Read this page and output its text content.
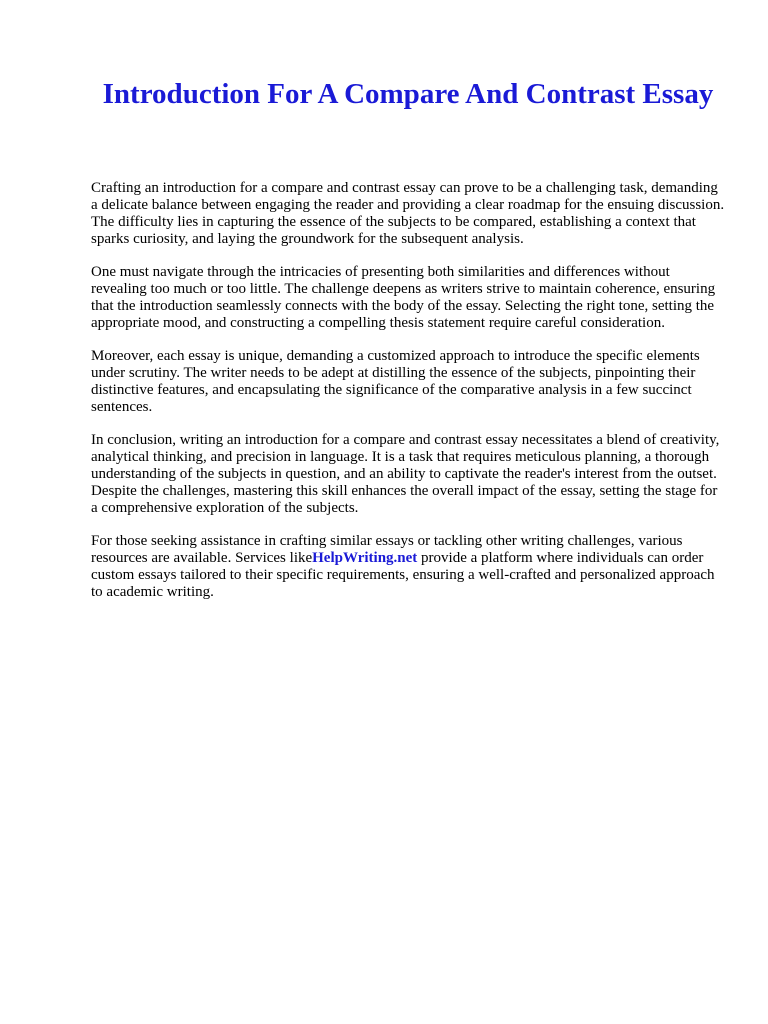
Introduction For A Compare And Contrast Essay

Crafting an introduction for a compare and contrast essay can prove to be a challenging task, demanding a delicate balance between engaging the reader and providing a clear roadmap for the ensuing discussion. The difficulty lies in capturing the essence of the subjects to be compared, establishing a context that sparks curiosity, and laying the groundwork for the subsequent analysis.

One must navigate through the intricacies of presenting both similarities and differences without revealing too much or too little. The challenge deepens as writers strive to maintain coherence, ensuring that the introduction seamlessly connects with the body of the essay. Selecting the right tone, setting the appropriate mood, and constructing a compelling thesis statement require careful consideration.

Moreover, each essay is unique, demanding a customized approach to introduce the specific elements under scrutiny. The writer needs to be adept at distilling the essence of the subjects, pinpointing their distinctive features, and encapsulating the significance of the comparative analysis in a few succinct sentences.

In conclusion, writing an introduction for a compare and contrast essay necessitates a blend of creativity, analytical thinking, and precision in language. It is a task that requires meticulous planning, a thorough understanding of the subjects in question, and an ability to captivate the reader's interest from the outset. Despite the challenges, mastering this skill enhances the overall impact of the essay, setting the stage for a comprehensive exploration of the subjects.

For those seeking assistance in crafting similar essays or tackling other writing challenges, various resources are available. Services likeHelpWriting.net provide a platform where individuals can order custom essays tailored to their specific requirements, ensuring a well-crafted and personalized approach to academic writing.
